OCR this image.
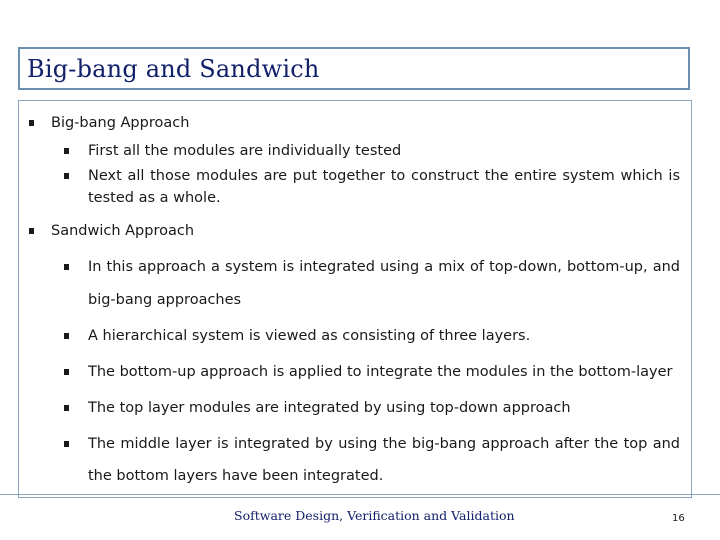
Big-bang and Sandwich
Big-bang Approach
First all the modules are individually tested
Next all those modules are put together to construct the entire system which is
tested as a whole.
Sandwich Approach
In this approach a system is integrated using a mix of top-down, bottom-up, and
big-bang approaches
A hierarchical system is viewed as consisting of three layers.
The bottom-up approach is applied to integrate the modules in the bottom-layer
The top layer modules are integrated by using top-down approach
The middle layer is integrated by using the big-bang approach after the top and
the bottom layers have been integrated.
Software Design, Verification and Validation	16
